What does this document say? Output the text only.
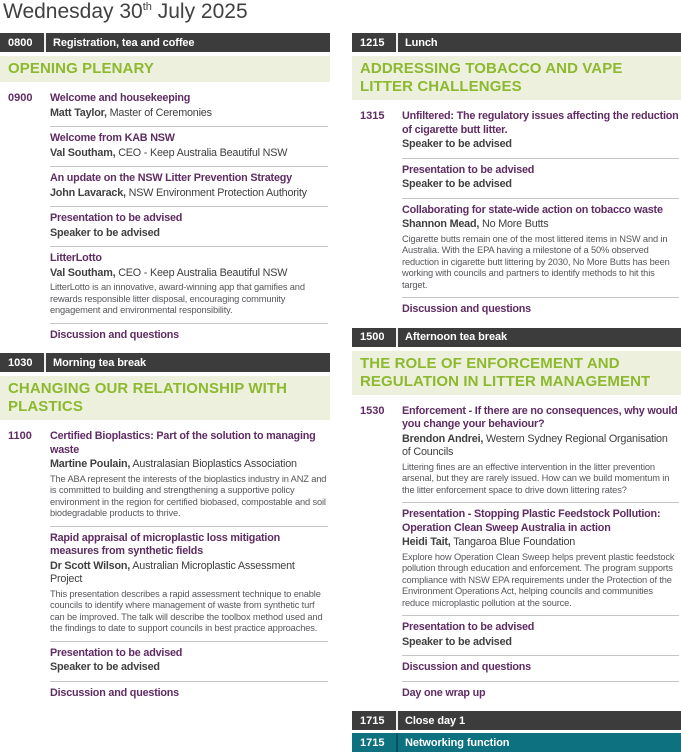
Wednesday 30th July 2025
0800	Registration, tea and coffee
OPENING PLENARY
0900	Welcome and housekeeping
Matt Taylor, Master of Ceremonies
Welcome from KAB NSW
Val Southam, CEO - Keep Australia Beautiful NSW
An update on the NSW Litter Prevention Strategy
John Lavarack, NSW Environment Protection Authority
Presentation to be advised
Speaker to be advised
LitterLotto
Val Southam, CEO - Keep Australia Beautiful NSW
LitterLotto is an innovative, award-winning app that gamifies and rewards responsible litter disposal, encouraging community engagement and environmental responsibility.
Discussion and questions
1030	Morning tea break
CHANGING OUR RELATIONSHIP WITH PLASTICS
1100	Certified Bioplastics: Part of the solution to managing waste
Martine Poulain, Australasian Bioplastics Association
The ABA represent the interests of the bioplastics industry in ANZ and is committed to building and strengthening a supportive policy environment in the region for certified biobased, compostable and soil biodegradable products to thrive.
Rapid appraisal of microplastic loss mitigation measures from synthetic fields
Dr Scott Wilson, Australian Microplastic Assessment Project
This presentation describes a rapid assessment technique to enable councils to identify where management of waste from synthetic turf can be improved. The talk will describe the toolbox method used and the findings to date to support councils in best practice approaches.
Presentation to be advised
Speaker to be advised
Discussion and questions
1215	Lunch
ADDRESSING TOBACCO AND VAPE LITTER CHALLENGES
1315	Unfiltered: The regulatory issues affecting the reduction of cigarette butt litter.
Speaker to be advised
Presentation to be advised
Speaker to be advised
Collaborating for state-wide action on tobacco waste
Shannon Mead, No More Butts
Cigarette butts remain one of the most littered items in NSW and in Australia. With the EPA having a milestone of a 50% observed reduction in cigarette butt littering by 2030, No More Butts has been working with councils and partners to identify methods to hit this target.
Discussion and questions
1500	Afternoon tea break
THE ROLE OF ENFORCEMENT AND REGULATION IN LITTER MANAGEMENT
1530	Enforcement - If there are no consequences, why would you change your behaviour?
Brendon Andrei, Western Sydney Regional Organisation of Councils
Littering fines are an effective intervention in the litter prevention arsenal, but they are rarely issued. How can we build momentum in the litter enforcement space to drive down littering rates?
Presentation - Stopping Plastic Feedstock Pollution: Operation Clean Sweep Australia in action
Heidi Tait, Tangaroa Blue Foundation
Explore how Operation Clean Sweep helps prevent plastic feedstock pollution through education and enforcement. The program supports compliance with NSW EPA requirements under the Protection of the Environment Operations Act, helping councils and communities reduce microplastic pollution at the source.
Presentation to be advised
Speaker to be advised
Discussion and questions
Day one wrap up
1715	Close day 1
1715	Networking function
